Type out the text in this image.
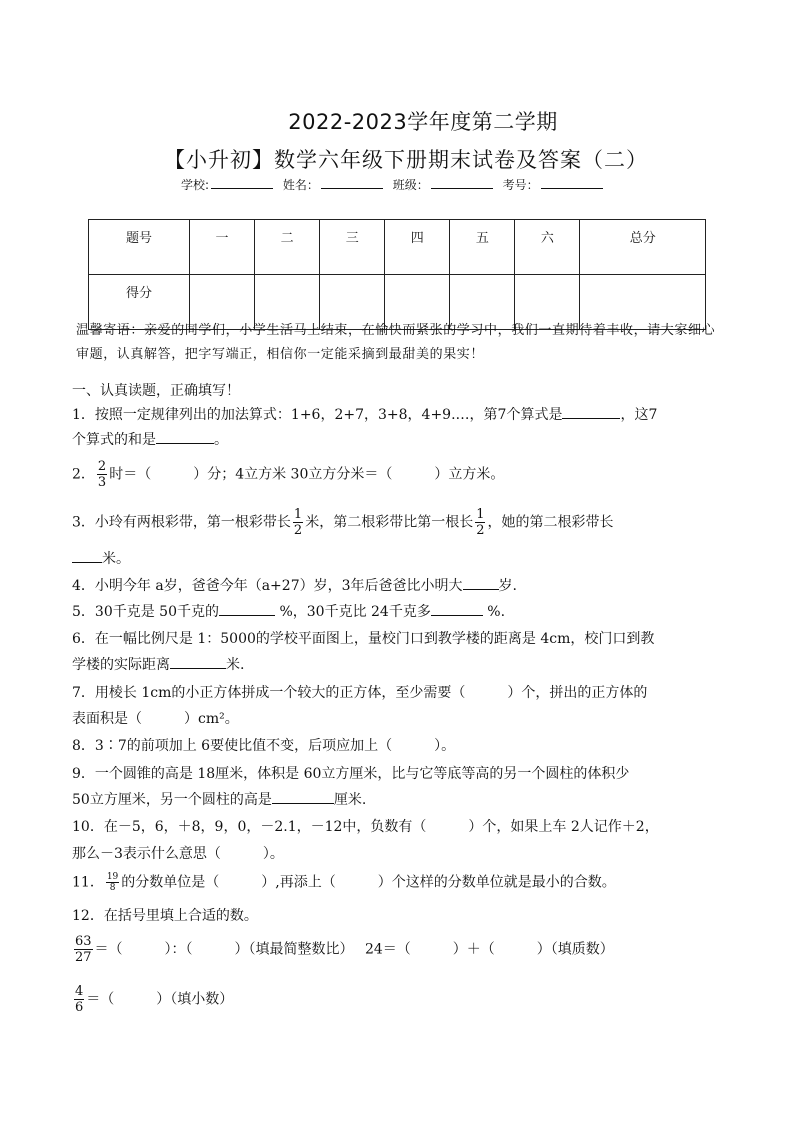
2022-2023学年度第二学期
【小升初】数学六年级下册期末试卷及答案（二）
学校:	姓名：	班级：	考号：
题号	一	二	三	四	五	六	总分
得分							
温馨寄语：亲爱的同学们，小学生活马上结束，在愉快而紧张的学习中，我们一直期待着丰收，请大家细心审题，认真解答，把字写端正，相信你一定能采摘到最甜美的果实！
一、认真读题，正确填写！
1．按照一定规律列出的加法算式：1+6，2+7，3+8，4+9.…，第7个算式是	，这7
个算式的和是	。
2． $\frac{2}{3}$ 时＝（　　　）分；4立方米 30立方分米＝（　　　）立方米。
3．小玲有两根彩带，第一根彩带长 $\frac{1}{2}$ 米，第二根彩带比第一根长 $\frac{1}{2}$ ，她的第二根彩带长
米。
4．小明今年 a岁，爸爸今年（a+27）岁，3年后爸爸比小明大	岁.
5．30千克是 50千克的	%，30千克比 24千克多	%.
6．在一幅比例尺是 1：5000的学校平面图上，量校门口到教学楼的距离是 4cm，校门口到教
学楼的实际距离	米.
7．用棱长 1cm的小正方体拼成一个较大的正方体，至少需要（　　　）个，拼出的正方体的
表面积是（　　　）cm²。
8．3∶7的前项加上 6要使比值不变，后项应加上（　　　）。
9．一个圆锥的高是 18厘米，体积是 60立方厘米，比与它等底等高的另一个圆柱的体积少
50立方厘米，另一个圆柱的高是	厘米.
10．在－5，6，＋8，9，0，－2.1，－12中，负数有（　　　）个，如果上车 2人记作＋2，
那么－3表示什么意思（　　　）。
11． $\frac{19}{8}$ 的分数单位是（　　　）,再添上（　　　）个这样的分数单位就是最小的合数。
12．在括号里填上合适的数。
$\frac{63}{27}$ ＝（　　　）：（　　　）（填最简整数比）　 24＝（　　　）＋（　　　）（填质数）
$\frac{4}{6}$ ＝（　　　）（填小数）
